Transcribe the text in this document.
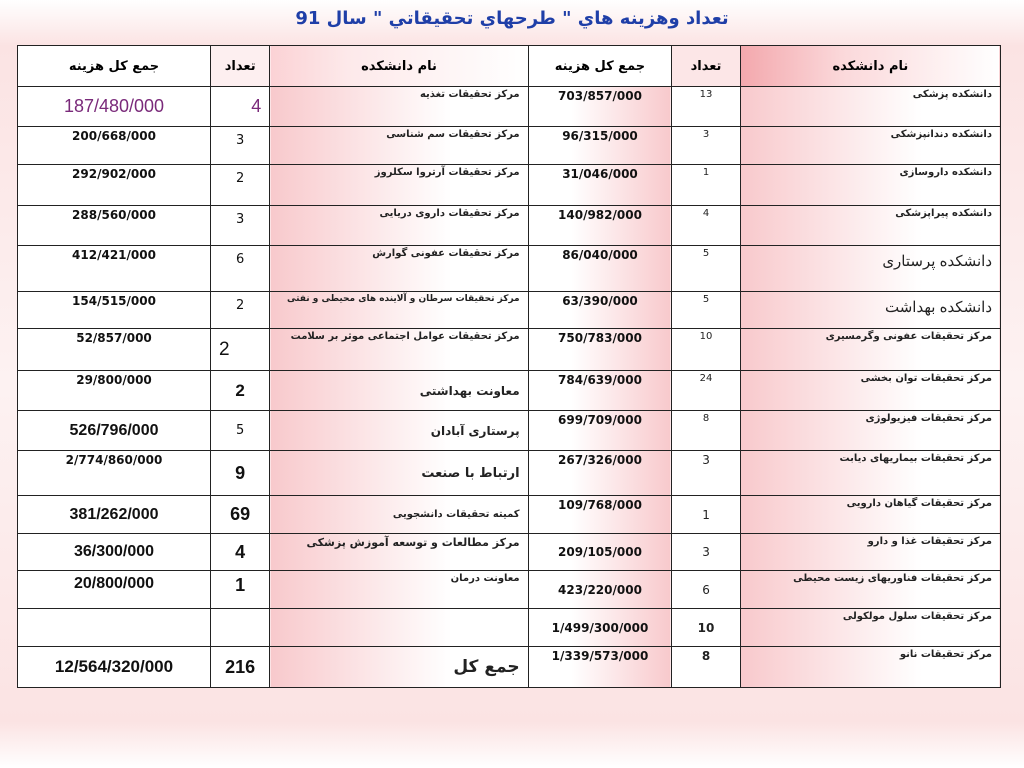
تعداد وهزينه هاي " طرحهاي تحقيقاتي " سال 91
نام دانشکده	تعداد	جمع کل هزینه	نام دانشکده	تعداد	جمع کل هزینه
دانشکده پزشکی	13	703/857/000	مرکز تحقیقات تغذیه	4	187/480/000
دانشکده دندانپزشکی	3	96/315/000	مرکز تحقیقات سم شناسی	3	200/668/000
دانشکده داروسازی	1	31/046/000	مرکز تحقیقات آرتروا سکلروز	2	292/902/000
دانشکده پیراپزشکی	4	140/982/000	مرکز تحقیقات داروی دریایی	3	288/560/000
دانشکده پرستاری	5	86/040/000	مرکز تحقیقات عفونی گوارش	6	412/421/000
دانشکده بهداشت	5	63/390/000	مرکز تحقیقات سرطان و آلاینده های محیطی و نفتی	2	154/515/000
مرکز تحقیقات عفونی وگرمسیری	10	750/783/000	مرکز تحقیقات عوامل اجتماعی موثر بر سلامت	2	52/857/000
مرکز تحقیقات توان بخشی	24	784/639/000	معاونت بهداشتی	2	29/800/000
مرکز تحقیقات فیزیولوژی	8	699/709/000	پرستاری آبادان	5	526/796/000
مرکز تحقیقات بیماریهای دیابت	3	267/326/000	ارتباط با صنعت	9	2/774/860/000
مرکز تحقیقات گیاهان دارویی	1	109/768/000	کمیته تحقیقات دانشجویی	69	381/262/000
مرکز تحقیقات غذا و دارو	3	209/105/000	مرکز مطالعات و توسعه آموزش پزشکی	4	36/300/000
مرکز تحقیقات فناوریهای زیست محیطی	6	423/220/000	معاونت درمان	1	20/800/000
مرکز تحقیقات سلول مولکولی	10	1/499/300/000			
مرکز تحقیقات نانو	8	1/339/573/000	جمع کل	216	12/564/320/000
